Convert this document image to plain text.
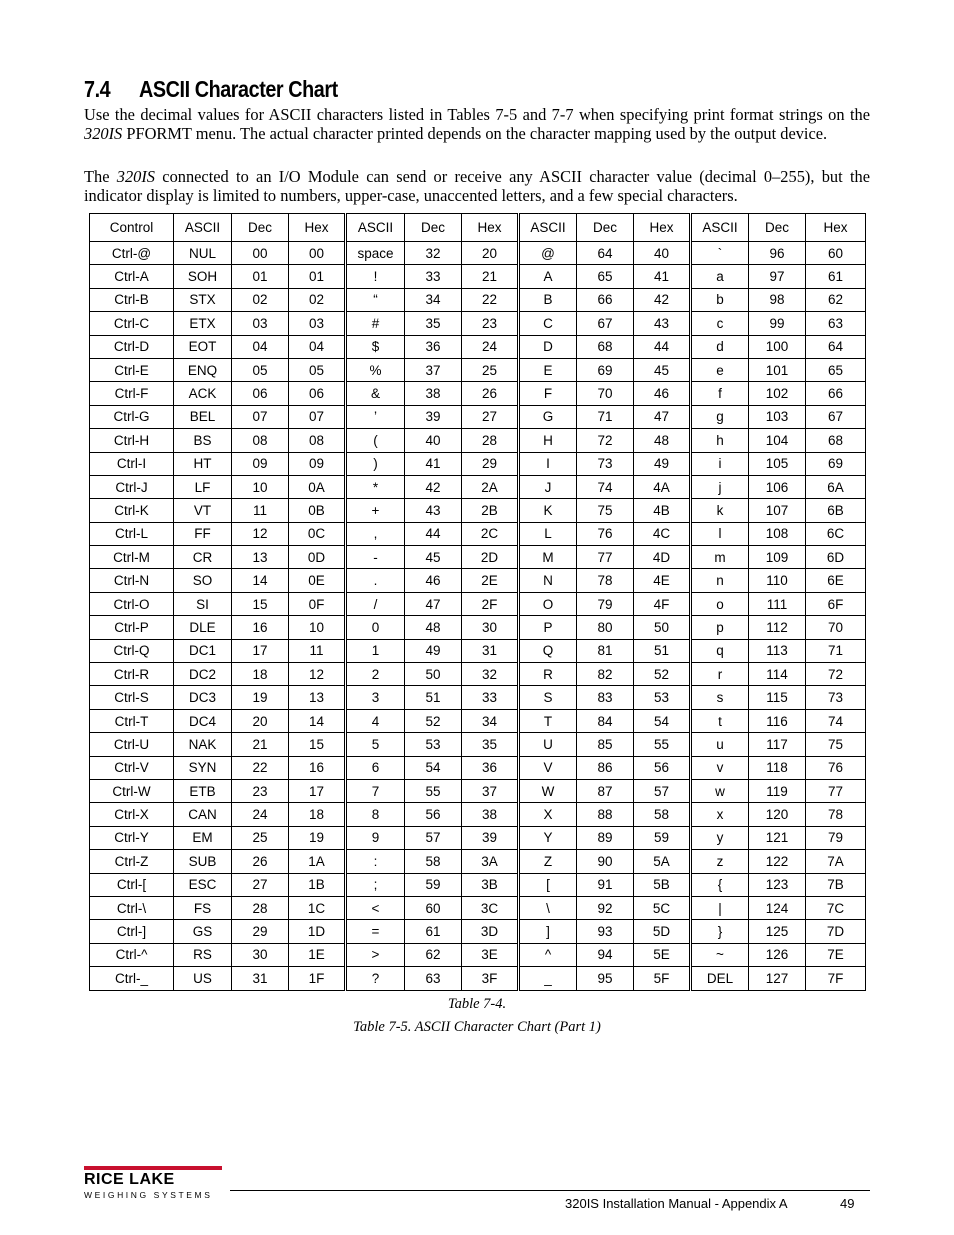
7.4 ASCII Character Chart

Use the decimal values for ASCII characters listed in Tables 7-5 and 7-7 when specifying print format strings on the 320IS PFORMT menu. The actual character printed depends on the character mapping used by the output device.

The 320IS connected to an I/O Module can send or receive any ASCII character value (decimal 0–255), but the indicator display is limited to numbers, upper-case, unaccented letters, and a few special characters.

Control	ASCII	Dec	Hex	ASCII	Dec	Hex	ASCII	Dec	Hex	ASCII	Dec	Hex
Ctrl-@	NUL	00	00	space	32	20	@	64	40	`	96	60
Ctrl-A	SOH	01	01	!	33	21	A	65	41	a	97	61
Ctrl-B	STX	02	02	“	34	22	B	66	42	b	98	62
Ctrl-C	ETX	03	03	#	35	23	C	67	43	c	99	63
Ctrl-D	EOT	04	04	$	36	24	D	68	44	d	100	64
Ctrl-E	ENQ	05	05	%	37	25	E	69	45	e	101	65
Ctrl-F	ACK	06	06	&	38	26	F	70	46	f	102	66
Ctrl-G	BEL	07	07	’	39	27	G	71	47	g	103	67
Ctrl-H	BS	08	08	(	40	28	H	72	48	h	104	68
Ctrl-I	HT	09	09	)	41	29	I	73	49	i	105	69
Ctrl-J	LF	10	0A	*	42	2A	J	74	4A	j	106	6A
Ctrl-K	VT	11	0B	+	43	2B	K	75	4B	k	107	6B
Ctrl-L	FF	12	0C	,	44	2C	L	76	4C	l	108	6C
Ctrl-M	CR	13	0D	-	45	2D	M	77	4D	m	109	6D
Ctrl-N	SO	14	0E	.	46	2E	N	78	4E	n	110	6E
Ctrl-O	SI	15	0F	/	47	2F	O	79	4F	o	111	6F
Ctrl-P	DLE	16	10	0	48	30	P	80	50	p	112	70
Ctrl-Q	DC1	17	11	1	49	31	Q	81	51	q	113	71
Ctrl-R	DC2	18	12	2	50	32	R	82	52	r	114	72
Ctrl-S	DC3	19	13	3	51	33	S	83	53	s	115	73
Ctrl-T	DC4	20	14	4	52	34	T	84	54	t	116	74
Ctrl-U	NAK	21	15	5	53	35	U	85	55	u	117	75
Ctrl-V	SYN	22	16	6	54	36	V	86	56	v	118	76
Ctrl-W	ETB	23	17	7	55	37	W	87	57	w	119	77
Ctrl-X	CAN	24	18	8	56	38	X	88	58	x	120	78
Ctrl-Y	EM	25	19	9	57	39	Y	89	59	y	121	79
Ctrl-Z	SUB	26	1A	:	58	3A	Z	90	5A	z	122	7A
Ctrl-[	ESC	27	1B	;	59	3B	[	91	5B	{	123	7B
Ctrl-\	FS	28	1C	<	60	3C	\	92	5C	|	124	7C
Ctrl-]	GS	29	1D	=	61	3D	]	93	5D	}	125	7D
Ctrl-^	RS	30	1E	>	62	3E	^	94	5E	~	126	7E
Ctrl-_	US	31	1F	?	63	3F	_	95	5F	DEL	127	7F

Table 7-4.

Table 7-5. ASCII Character Chart (Part 1)

RICE LAKE
WEIGHING SYSTEMS
320IS Installation Manual - Appendix A	49
